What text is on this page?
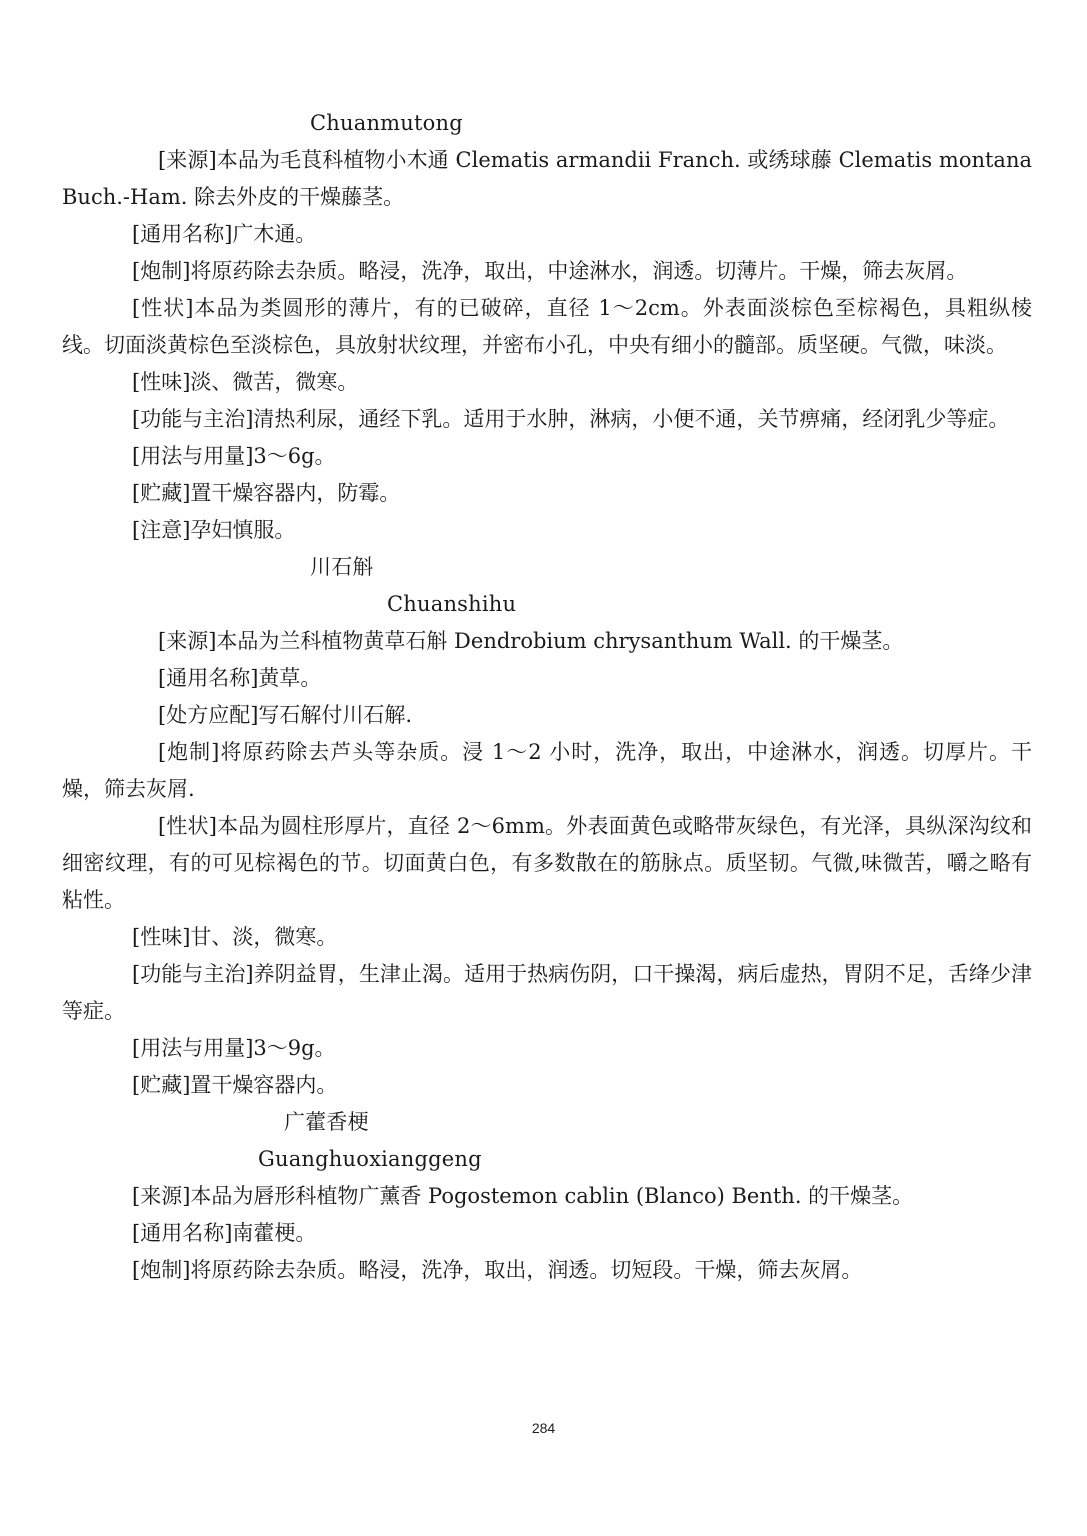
Chuanmutong

[来源]本品为毛茛科植物小木通 Clematis armandii Franch. 或绣球藤 Clematis montana Buch.-Ham. 除去外皮的干燥藤茎。

[通用名称]广木通。

[炮制]将原药除去杂质。略浸，洗净，取出，中途淋水，润透。切薄片。干燥，筛去灰屑。

[性状]本品为类圆形的薄片，有的已破碎，直径 1～2cm。外表面淡棕色至棕褐色，具粗纵棱线。切面淡黄棕色至淡棕色，具放射状纹理，并密布小孔，中央有细小的髓部。质坚硬。气微，味淡。

[性味]淡、微苦，微寒。

[功能与主治]清热利尿，通经下乳。适用于水肿，淋病，小便不通，关节痹痛，经闭乳少等症。

[用法与用量]3～6g。

[贮藏]置干燥容器内，防霉。

[注意]孕妇慎服。

川石斛
Chuanshihu

[来源]本品为兰科植物黄草石斛 Dendrobium chrysanthum Wall. 的干燥茎。

[通用名称]黄草。

[处方应配]写石解付川石解.

[炮制]将原药除去芦头等杂质。浸 1～2 小时，洗净，取出，中途淋水，润透。切厚片。干燥，筛去灰屑.

[性状]本品为圆柱形厚片，直径 2～6mm。外表面黄色或略带灰绿色，有光泽，具纵深沟纹和细密纹理，有的可见棕褐色的节。切面黄白色，有多数散在的筋脉点。质坚韧。气微,味微苦，嚼之略有粘性。

[性味]甘、淡，微寒。

[功能与主治]养阴益胃，生津止渴。适用于热病伤阴，口干操渴，病后虚热，胃阴不足，舌绛少津等症。

[用法与用量]3～9g。

[贮藏]置干燥容器内。

广藿香梗
Guanghuoxianggeng

[来源]本品为唇形科植物广薰香 Pogostemon cablin (Blanco) Benth. 的干燥茎。

[通用名称]南藿梗。

[炮制]将原药除去杂质。略浸，洗净，取出，润透。切短段。干燥，筛去灰屑。

284
